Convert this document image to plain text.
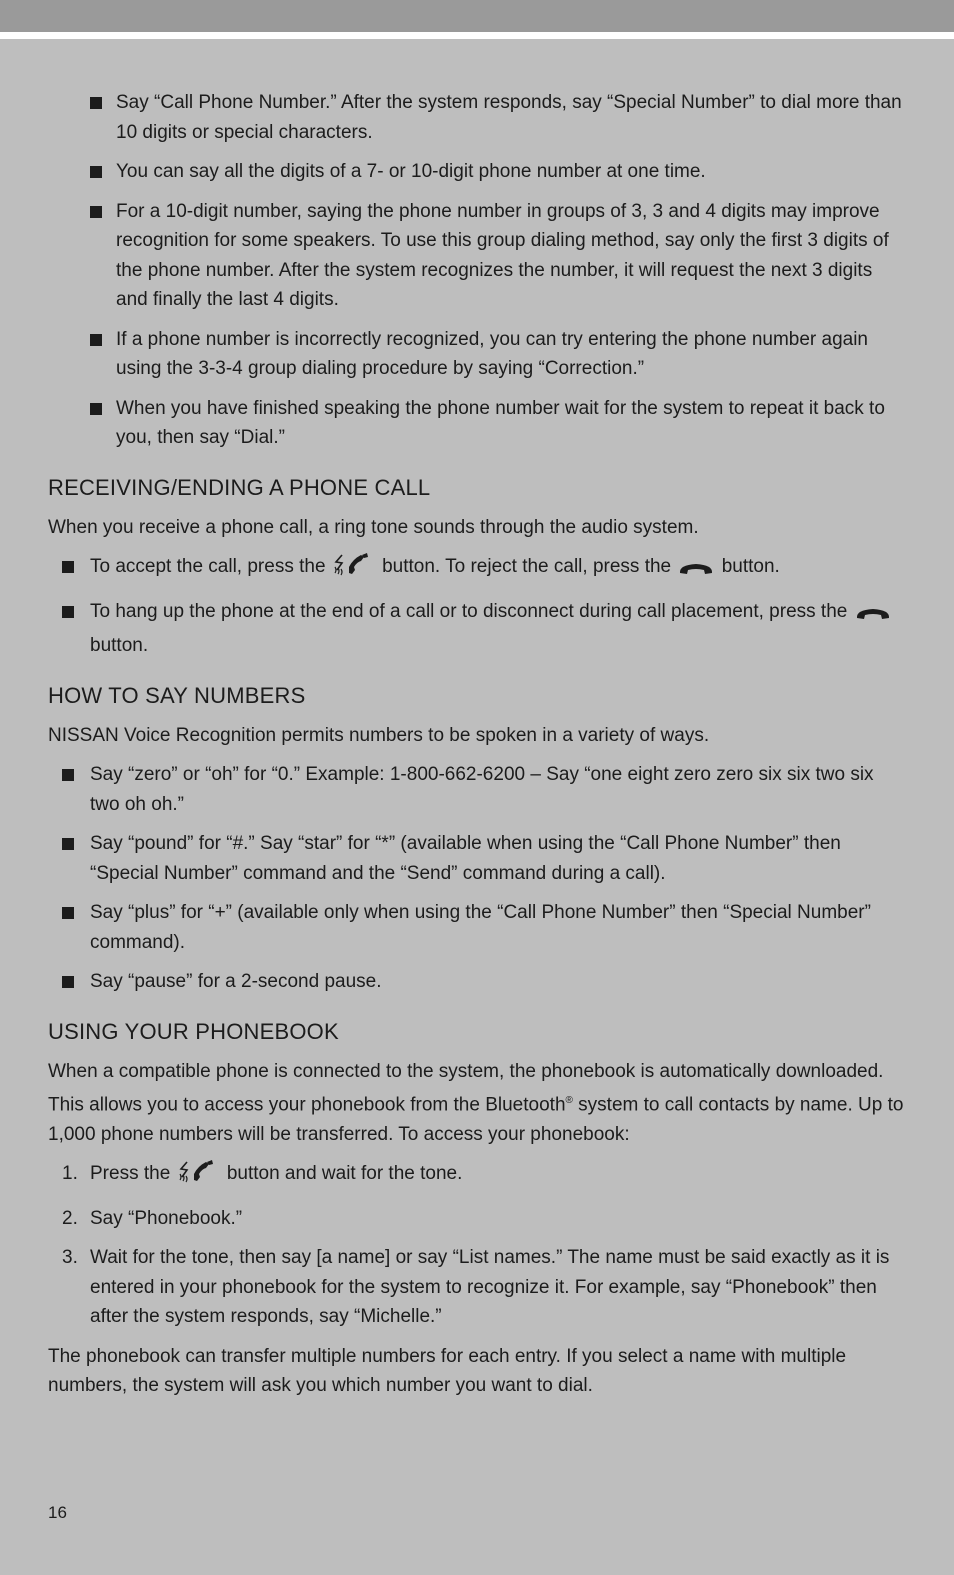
Say “Call Phone Number.” After the system responds, say “Special Number” to dial more than 10 digits or special characters.
You can say all the digits of a 7- or 10-digit phone number at one time.
For a 10-digit number, saying the phone number in groups of 3, 3 and 4 digits may improve recognition for some speakers. To use this group dialing method, say only the first 3 digits of the phone number. After the system recognizes the number, it will request the next 3 digits and finally the last 4 digits.
If a phone number is incorrectly recognized, you can try entering the phone number again using the 3-3-4 group dialing procedure by saying “Correction.”
When you have finished speaking the phone number wait for the system to repeat it back to you, then say “Dial.”
RECEIVING/ENDING A PHONE CALL

When you receive a phone call, a ring tone sounds through the audio system.

To accept the call, press the	button. To reject the call, press the	button.
To hang up the phone at the end of a call or to disconnect during call placement, press the  button.
HOW TO SAY NUMBERS

NISSAN Voice Recognition permits numbers to be spoken in a variety of ways.

Say “zero” or “oh” for “0.” Example: 1-800-662-6200 – Say “one eight zero zero six six two six two oh oh.”
Say “pound” for “#.” Say “star” for “*” (available when using the “Call Phone Number” then “Special Number” command and the “Send” command during a call).
Say “plus” for “+” (available only when using the “Call Phone Number” then “Special Number” command).
Say “pause” for a 2-second pause.
USING YOUR PHONEBOOK

When a compatible phone is connected to the system, the phonebook is automatically downloaded. This allows you to access your phonebook from the Bluetooth® system to call contacts by name. Up to 1,000 phone numbers will be transferred. To access your phonebook:

1. Press the	button and wait for the tone.
2. Say “Phonebook.”
3. Wait for the tone, then say [a name] or say “List names.” The name must be said exactly as it is entered in your phonebook for the system to recognize it. For example, say “Phonebook” then after the system responds, say “Michelle.”

The phonebook can transfer multiple numbers for each entry. If you select a name with multiple numbers, the system will ask you which number you want to dial.

16
